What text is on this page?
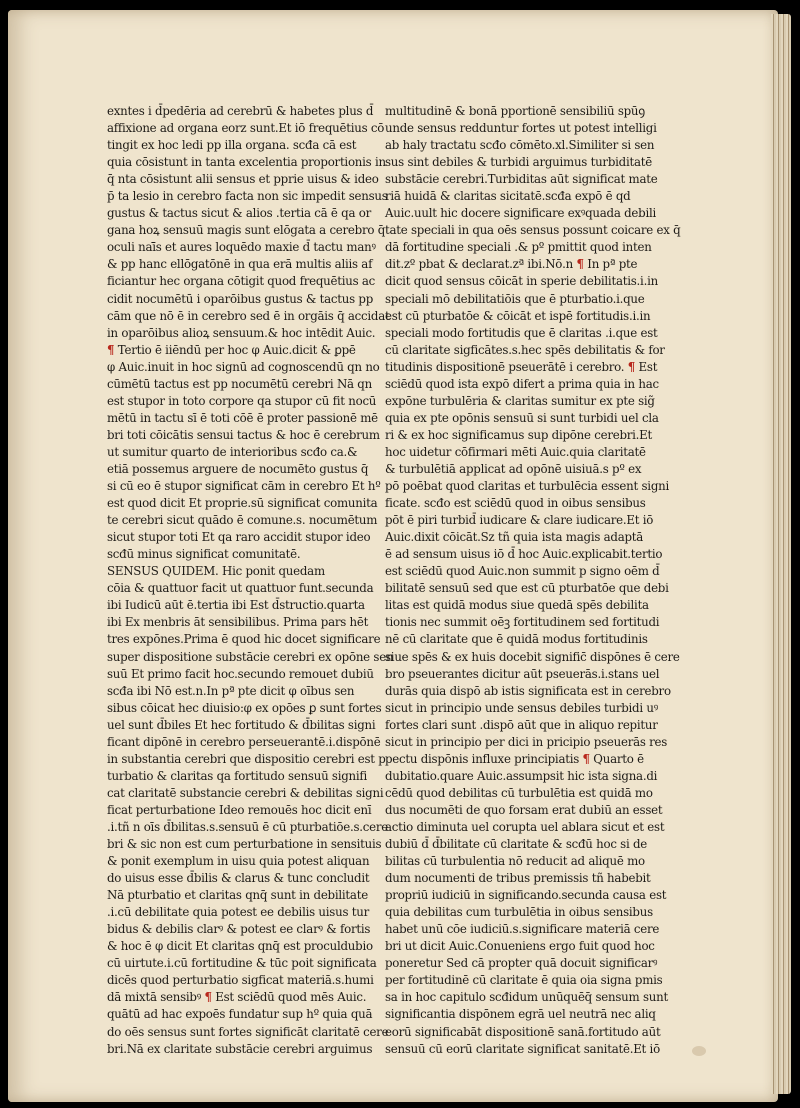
exntes i d̄pedēria ad cerebrū & habetes plus d̄
affixione ad organa eorz sunt.Et iō frequētius cō
tingit ex hoc ledi pp illa organa. scđa cā est
quia cōsistunt in tanta excelentia proportionis in
q̄ nta cōsistunt alii sensus et pprie uisus & ideo
p̄ ta lesio in cerebro facta non sic impedit sensus
gustus & tactus sicut & alios .tertia cā ē qa or
gana hoꝝ sensuū magis sunt elōgata a cerebro q̄
oculi naī̄s et aures loquēdo maxie d̄ tactu manꝰ
& pp hanc ellōgatōnē in qua erā multis aliis af
ficiantur hec organa cōtigit quod frequētius ac
cidit nocumētū i oparōibus gustus & tactus pp
cām que nō ē in cerebro sed ē in orgāis q̄ accidat
in oparōibus alioꝝ sensuum.& hoc intēdit Auic.
¶ Tertio ē iiēndū per hoc φ Auic.dicit & ꝑpē
φ Auic.inuit in hoc signū ad cognoscendū qn no
cūmētū tactus est pp nocumētū cerebri Nā qn
est stupor in toto corpore qa stupor cū fit nocū
mētū in tactu sī ē toti cōē ē proter passionē mē
bri toti cōicātis sensui tactus & hoc ē cerebrum
ut sumitur quarto de interioribus scđo ca.&
etiā possemus arguere de nocumēto gustus q̄
si cū eo ē stupor significat cām in cerebro Et hº
est quod dicit Et proprie.sū significat comunita
te cerebri sicut quādo ē comune.s. nocumētum
sicut stupor toti Et qa raro accidit stupor ideo
scđū minus significat comunitatē.
SENSUS QUIDEM. Hic ponit quedam
cōia & quattuor facit ut quattuor funt.secunda
ibi Iudicū aūt ē.tertia ibi Est d̄structio.quarta
ibi Ex menbris āt sensibilibus. Prima pars hēt
tres expōnes.Prima ē quod hic docet significare
super dispositione substācie cerebri ex opōne sen
suū Et primo facit hoc.secundo remouet dubiū
scđa ibi Nō est.n.In pª pte dicit φ oībus sen
sibus cōicat hec diuisio:φ ex opōes ꝑ sunt fortes
uel sunt d̄biles Et hec fortitudo & d̄bilitas signi
ficant dipōnē in cerebro perseuerantē.i.dispōnē
in substantia cerebri que dispositio cerebri est p
turbatio & claritas qa fortitudo sensuū signifi
cat claritatē substancie cerebri & debilitas signi
ficat perturbatione Ideo remouēs hoc dicit enī
.i.tñ n oīs d̄bilitas.s.sensuū ē cū pturbatiōe.s.cere
bri & sic non est cum perturbatione in sensituis
& ponit exemplum in uisu quia potest aliquan
do uisus esse d̄bilis & clarus & tunc concludit
Nā pturbatio et claritas qnq̄ sunt in debilitate
.i.cū debilitate quia potest ee debilis uisus tur
bidus & debilis clarꝰ & potest ee clarꝰ & fortis
& hoc ē φ dicit Et claritas qnq̄ est proculdubio
cū uirtute.i.cū fortitudine & tūc poit significata
dicēs quod perturbatio sigficat materiā.s.humi
dā mixtā sensibꝰ ¶ Est sciēdū quod mēs Auic.
quātū ad hac expoēs fundatur sup hº quia quā
do oēs sensus sunt fortes significāt claritatē cere
bri.Nā ex claritate substācie cerebri arguimus
multitudinē & bonā pportionē sensibiliū spūꝯ
unde sensus redduntur fortes ut potest intelligi
ab haly tractatu scđo cōmēto.xl.Similiter si sen
sus sint debiles & turbidi arguimus turbiditatē
substācie cerebri.Turbiditas aūt significat mate
riā huidā & claritas sicitatē.scđa expō ē qd
Auic.uult hic docere significare exꝰquada debili
tate speciali in qua oēs sensus possunt coicare ex q̄
dā fortitudine speciali .& pº pmittit quod inten
dit.zº pbat & declarat.zª ibi.Nō.n ¶ In pª pte
dicit quod sensus cōicāt in sperie debilitatis.i.in
speciali mō debilitatiōis que ē pturbatio.i.que
est cū pturbatōe & cōicāt et ispē fortitudis.i.in
speciali modo fortitudis que ē claritas .i.que est
cū claritate sigficātes.s.hec spēs debilitatis & for
titudinis dispositionē pseuerātē i cerebro. ¶
sciēdū quod ista expō difert a prima quia in hac
expōne turbulēria & claritas sumitur ex pte sig̃
quia ex pte opōnis sensuū si sunt turbidi uel cla
ri & ex hoc significamus sup dipōne cerebri.Et
hoc uidetur cōfirmari mēti Auic.quia claritatē
& turbulētiā applicat ad opōnē uisiuā.s pº ex
pō poēbat quod claritas et turbulēcia essent signi
ficate. scđo est sciēdū quod in oibus sensibus
pōt ē piri turbid̄ iudicare & clare iudicare.Et iō
Auic.dixit cōicāt.Sz tñ quia ista magis adaptā
ē ad sensum uisus iō d̄ hoc Auic.explicabit.tertio
est sciēdū quod Auic.non summit p signo oēm d̄
bilitatē sensuū sed que est cū pturbatōe que debi
litas est quidā modus siue quedā spēs debilita
tionis nec summit oēꝫ fortitudinem sed fortitudi
nē cū claritate que ē quidā modus fortitudinis
siue spēs & ex huis docebit signific̄ dispōnes ē cere
bro pseuerantes dicitur aūt pseuerās.i.stans uel
durās quia dispō ab istis significata est in cerebro
sicut in principio unde sensus debiles turbidi uꝰ
fortes clari sunt .dispō aūt que in aliquo repitur
sicut in principio per dici in pricipio pseuerās res
pectu dispōnis influxe principiatis ¶ Quarto ē
dubitatio.quare Auic.assumpsit hic ista signa.di
cēdū quod debilitas cū turbulētia est quidā mo
dus nocumēti de quo forsam erat dubiū an esset
actio diminuta uel corupta uel ablara sicut et est
dubiū d̄ d̄bilitate cū claritate & scđū hoc si de
bilitas cū turbulentia nō reducit ad aliquē mo
dum nocumenti de tribus premissis tñ habebit
propriū iudiciū in significando.secunda causa est
quia debilitas cum turbulētia in oibus sensibus
habet unū cōe iudiciū.s.significare materiā cere
bri ut dicit Auic.Conueniens ergo fuit quod hoc
poneretur Sed cā propter quā docuit significarꝰ
per fortitudinē cū claritate ē quia oia signa pmis
sa in hoc capitulo scđidum unūquēq̄ sensum sunt
significantia dispōnem egrā uel neutrā nec aliq
eorū significabāt dispositionē sanā.fortitudo aūt
sensuū cū eorū claritate significat sanitatē.Et iō
